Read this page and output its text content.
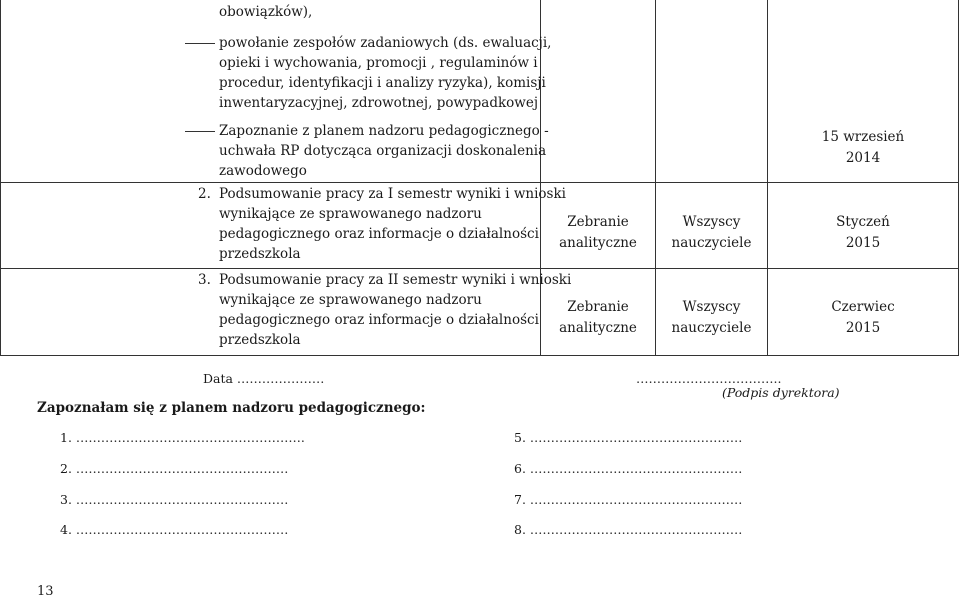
obowiązków),
powołanie zespołów zadaniowych (ds. ewaluacji,
opieki i wychowania, promocji , regulaminów i
procedur, identyfikacji i analizy ryzyka), komisji
inwentaryzacyjnej, zdrowotnej, powypadkowej
Zapoznanie z planem nadzoru pedagogicznego -
uchwała RP dotycząca organizacji doskonalenia
zawodowego
15 wrzesień
2014
2. Podsumowanie pracy za I semestr wyniki i wnioski
wynikające ze sprawowanego nadzoru
pedagogicznego oraz informacje o działalności
przedszkola
Zebranie
analityczne
Wszyscy
nauczyciele
Styczeń
2015
3. Podsumowanie pracy za II semestr wyniki i wnioski
wynikające ze sprawowanego nadzoru
pedagogicznego oraz informacje o działalności
przedszkola
Zebranie
analityczne
Wszyscy
nauczyciele
Czerwiec
2015
Data …………………	……………………………..
(Podpis dyrektora)
Zapoznałam się z planem nadzoru pedagogicznego:
1. ……………………………………………….
2. ……………………………………………
3. ……………………………………………
4. ……………………………………………
5. ……………………………………………
6. ……………………………………………
7. ……………………………………………
8. ……………………………………………
13
